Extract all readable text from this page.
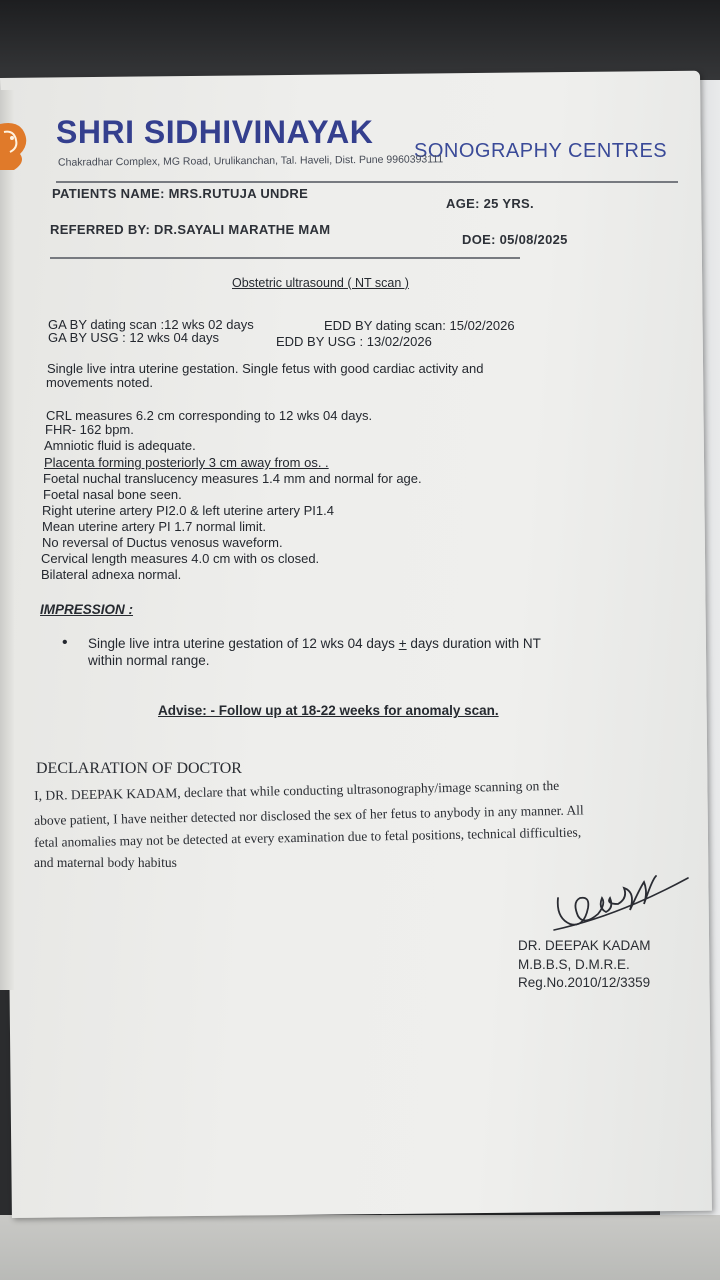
SHRI SIDHIVINAYAK
SONOGRAPHY CENTRES
Chakradhar Complex, MG Road, Urulikanchan, Tal. Haveli, Dist. Pune 9960393111
PATIENTS NAME: MRS.RUTUJA UNDRE
AGE: 25 YRS.
REFERRED BY: DR.SAYALI MARATHE MAM
DOE: 05/08/2025
Obstetric ultrasound ( NT scan )
GA BY dating scan :12 wks 02 days	EDD BY dating scan: 15/02/2026
GA BY USG : 12 wks 04 days	EDD BY USG : 13/02/2026
Single live intra uterine gestation. Single fetus with good cardiac activity and
movements noted.
CRL measures 6.2 cm corresponding to 12 wks 04 days.
FHR- 162 bpm.
Amniotic fluid is adequate.
Placenta forming posteriorly 3 cm away from os. .
Foetal nuchal translucency measures 1.4 mm and normal for age.
Foetal nasal bone seen.
Right uterine artery PI2.0 & left uterine artery PI1.4
Mean uterine artery PI 1.7 normal limit.
No reversal of Ductus venosus waveform.
Cervical length measures 4.0 cm with os closed.
Bilateral adnexa normal.
IMPRESSION :
• Single live intra uterine gestation of 12 wks 04 days + days duration with NT
within normal range.
Advise: - Follow up at 18-22 weeks for anomaly scan.
DECLARATION OF DOCTOR
I, DR. DEEPAK KADAM, declare that while conducting ultrasonography/image scanning on the
above patient, I have neither detected nor disclosed the sex of her fetus to anybody in any manner. All
fetal anomalies may not be detected at every examination due to fetal positions, technical difficulties,
and maternal body habitus
DR. DEEPAK KADAM
M.B.B.S, D.M.R.E.
Reg.No.2010/12/3359
